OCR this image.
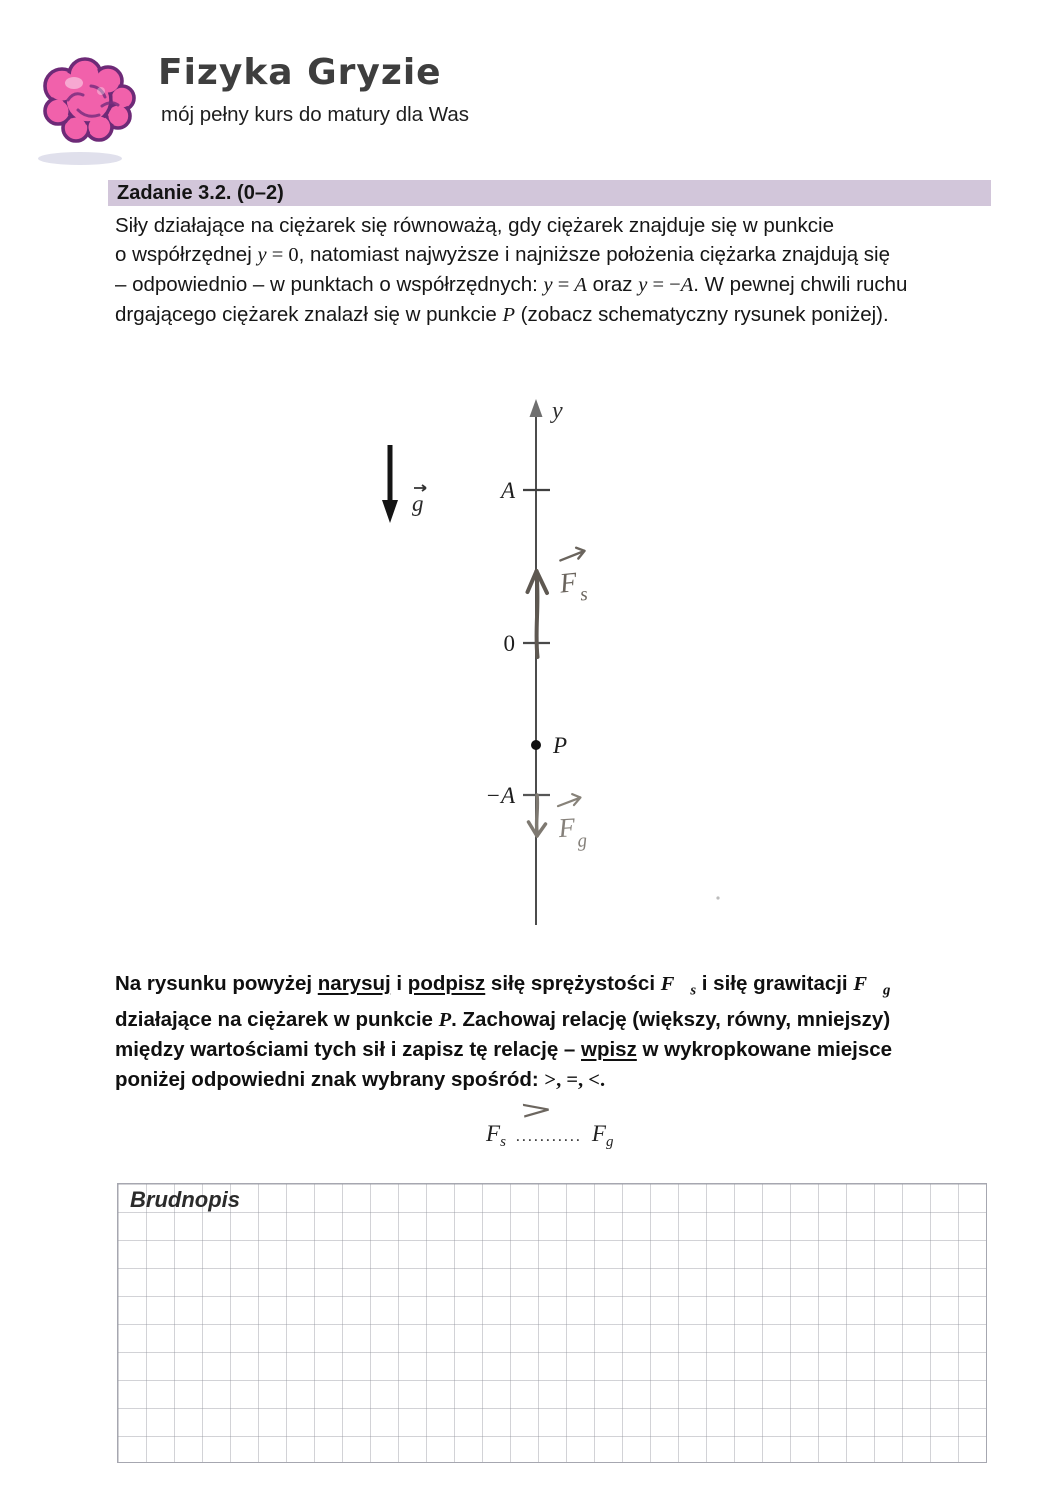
Fizyka Gryzie
mój pełny kurs do matury dla Was
Zadanie 3.2. (0–2)
Siły działające na ciężarek się równoważą, gdy ciężarek znajduje się w punkcie
o współrzędnej y = 0, natomiast najwyższe i najniższe położenia ciężarka znajdują się
– odpowiednio – w punktach o współrzędnych: y = A oraz y = −A. W pewnej chwili ruchu
drgającego ciężarek znalazł się w punkcie P (zobacz schematyczny rysunek poniżej).
y
g
A
0
−A
P
F s
F g
Na rysunku powyżej narysuj i podpisz siłę sprężystości $F⃗_s$ i siłę grawitacji $F⃗_g$
działające na ciężarek w punkcie P. Zachowaj relację (większy, równy, mniejszy)
między wartościami tych sił i zapisz tę relację – wpisz w wykropkowane miejsce
poniżej odpowiedni znak wybrany spośród: >, =, <.
F s ...........
>
F g
Brudnopis
